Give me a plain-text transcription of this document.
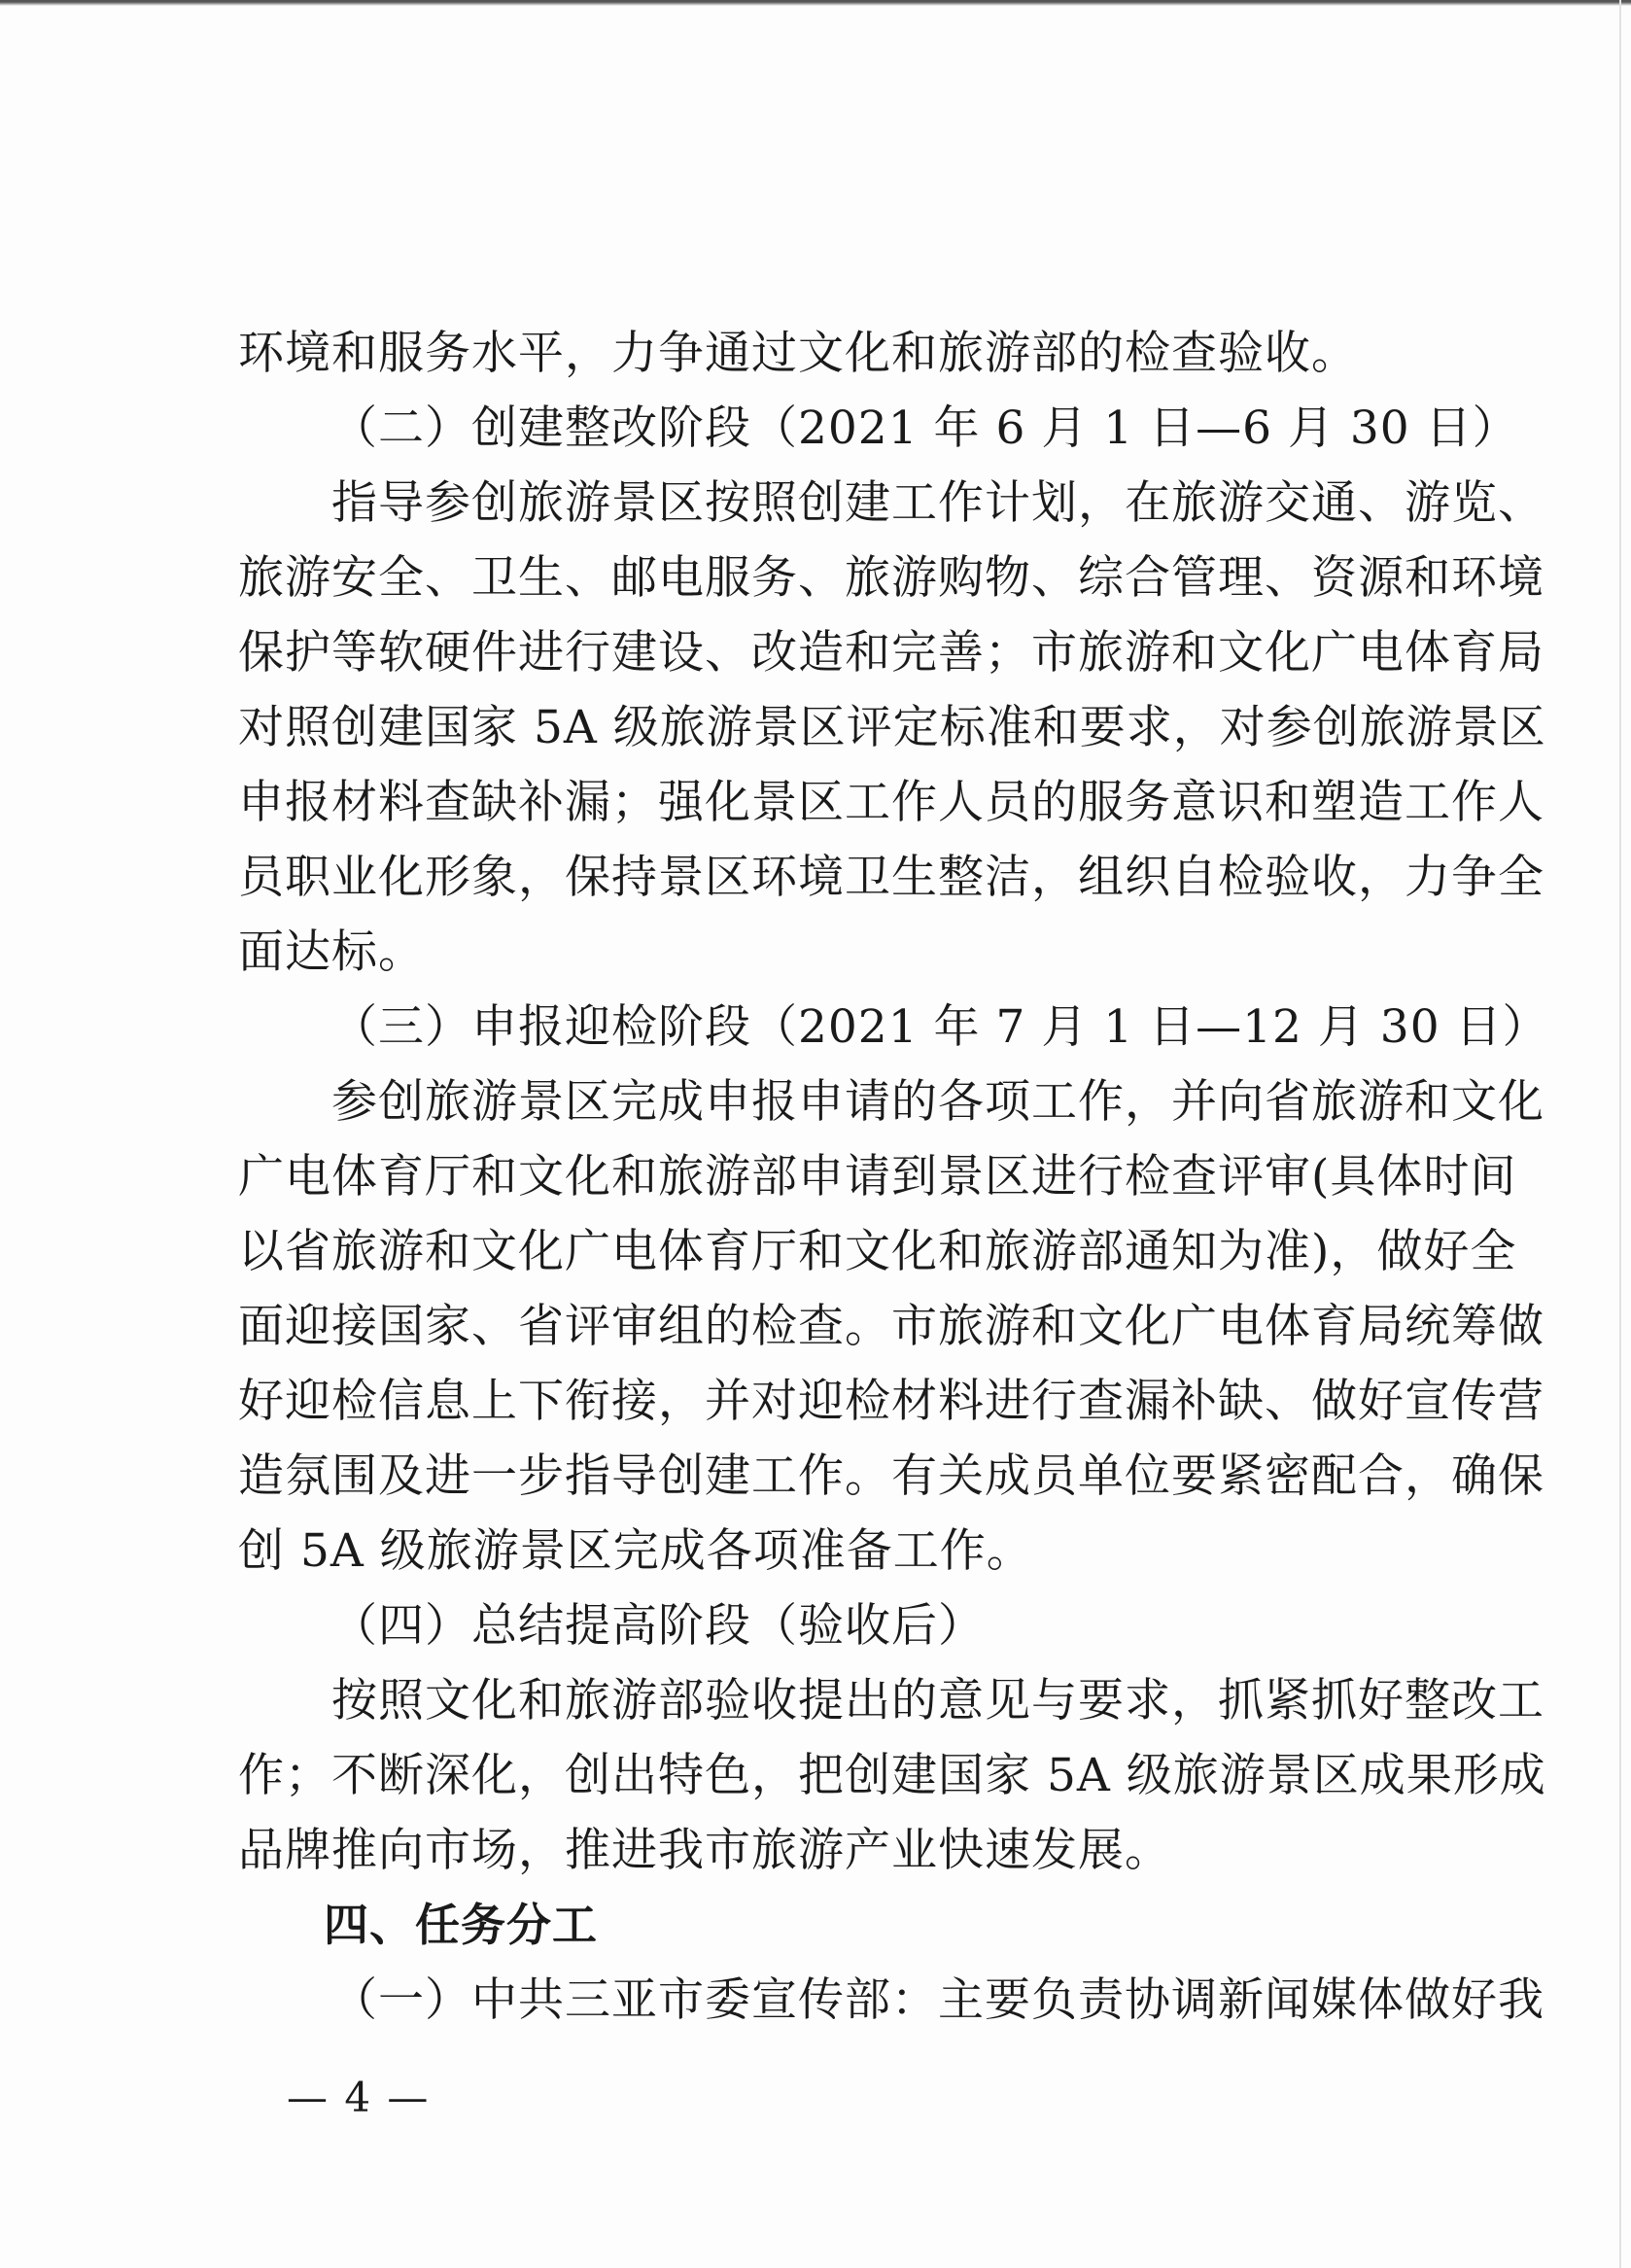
环境和服务水平，力争通过文化和旅游部的检查验收。
（二）创建整改阶段（2021 年 6 月 1 日—6 月 30 日）
指导参创旅游景区按照创建工作计划，在旅游交通、游览、
旅游安全、卫生、邮电服务、旅游购物、综合管理、资源和环境
保护等软硬件进行建设、改造和完善；市旅游和文化广电体育局
对照创建国家 5A 级旅游景区评定标准和要求，对参创旅游景区
申报材料查缺补漏；强化景区工作人员的服务意识和塑造工作人
员职业化形象，保持景区环境卫生整洁，组织自检验收，力争全
面达标。
（三）申报迎检阶段（2021 年 7 月 1 日—12 月 30 日）
参创旅游景区完成申报申请的各项工作，并向省旅游和文化
广电体育厅和文化和旅游部申请到景区进行检查评审(具体时间
以省旅游和文化广电体育厅和文化和旅游部通知为准)，做好全
面迎接国家、省评审组的检查。市旅游和文化广电体育局统筹做
好迎检信息上下衔接，并对迎检材料进行查漏补缺、做好宣传营
造氛围及进一步指导创建工作。有关成员单位要紧密配合，确保
创 5A 级旅游景区完成各项准备工作。
（四）总结提高阶段（验收后）
按照文化和旅游部验收提出的意见与要求，抓紧抓好整改工
作；不断深化，创出特色，把创建国家 5A 级旅游景区成果形成
品牌推向市场，推进我市旅游产业快速发展。
四、任务分工
（一）中共三亚市委宣传部：主要负责协调新闻媒体做好我
— 4 —
